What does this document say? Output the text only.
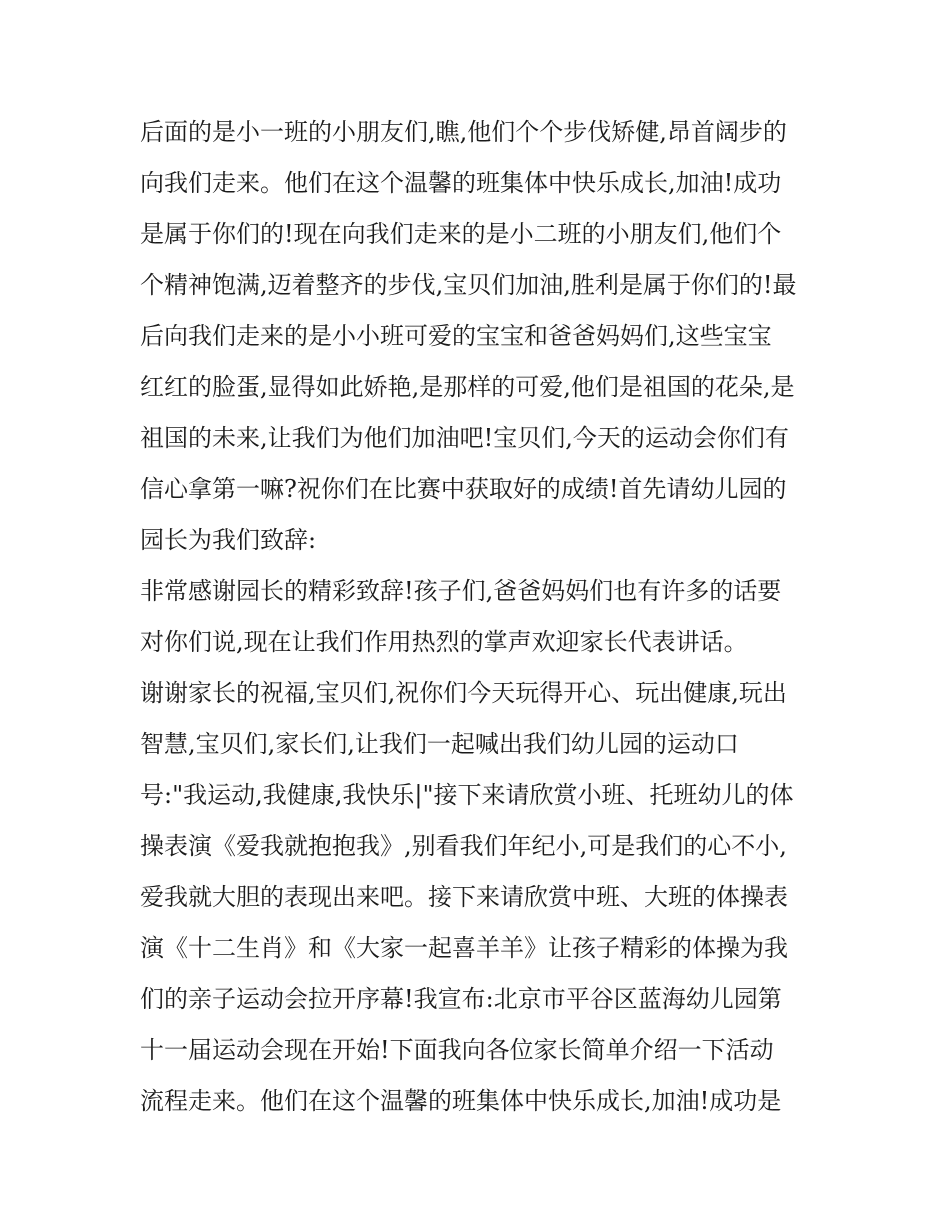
后面的是小一班的小朋友们,瞧,他们个个步伐矫健,昂首阔步的
向我们走来。他们在这个温馨的班集体中快乐成长,加油!成功
是属于你们的!现在向我们走来的是小二班的小朋友们,他们个
个精神饱满,迈着整齐的步伐,宝贝们加油,胜利是属于你们的!最
后向我们走来的是小小班可爱的宝宝和爸爸妈妈们,这些宝宝
红红的脸蛋,显得如此娇艳,是那样的可爱,他们是祖国的花朵,是
祖国的未来,让我们为他们加油吧!宝贝们,今天的运动会你们有
信心拿第一嘛?祝你们在比赛中获取好的成绩!首先请幼儿园的
园长为我们致辞:
非常感谢园长的精彩致辞!孩子们,爸爸妈妈们也有许多的话要
对你们说,现在让我们作用热烈的掌声欢迎家长代表讲话。
谢谢家长的祝福,宝贝们,祝你们今天玩得开心、玩出健康,玩出
智慧,宝贝们,家长们,让我们一起喊出我们幼儿园的运动口
号:"我运动,我健康,我快乐|"接下来请欣赏小班、托班幼儿的体
操表演《爱我就抱抱我》,别看我们年纪小,可是我们的心不小,
爱我就大胆的表现出来吧。接下来请欣赏中班、大班的体操表
演《十二生肖》和《大家一起喜羊羊》让孩子精彩的体操为我
们的亲子运动会拉开序幕!我宣布:北京市平谷区蓝海幼儿园第
十一届运动会现在开始!下面我向各位家长简单介绍一下活动
流程走来。他们在这个温馨的班集体中快乐成长,加油!成功是
